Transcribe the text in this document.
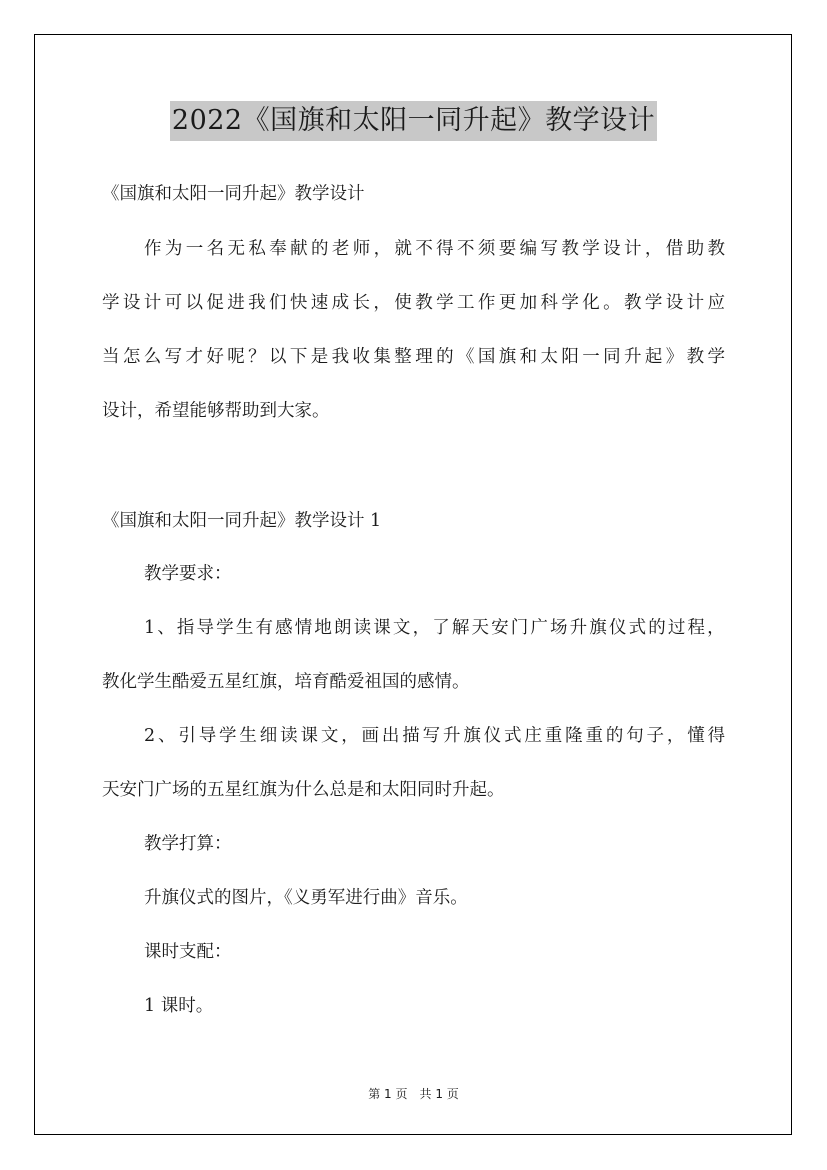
2022《国旗和太阳一同升起》教学设计
《国旗和太阳一同升起》教学设计
作为一名无私奉献的老师，就不得不须要编写教学设计，借助教
学设计可以促进我们快速成长，使教学工作更加科学化。教学设计应
当怎么写才好呢？以下是我收集整理的《国旗和太阳一同升起》教学
设计，希望能够帮助到大家。
《国旗和太阳一同升起》教学设计 1
教学要求：
1、指导学生有感情地朗读课文，了解天安门广场升旗仪式的过程，
教化学生酷爱五星红旗，培育酷爱祖国的感情。
2、引导学生细读课文，画出描写升旗仪式庄重隆重的句子，懂得
天安门广场的五星红旗为什么总是和太阳同时升起。
教学打算：
升旗仪式的图片，《义勇军进行曲》音乐。
课时支配：
1 课时。
第 1 页　共 1 页
